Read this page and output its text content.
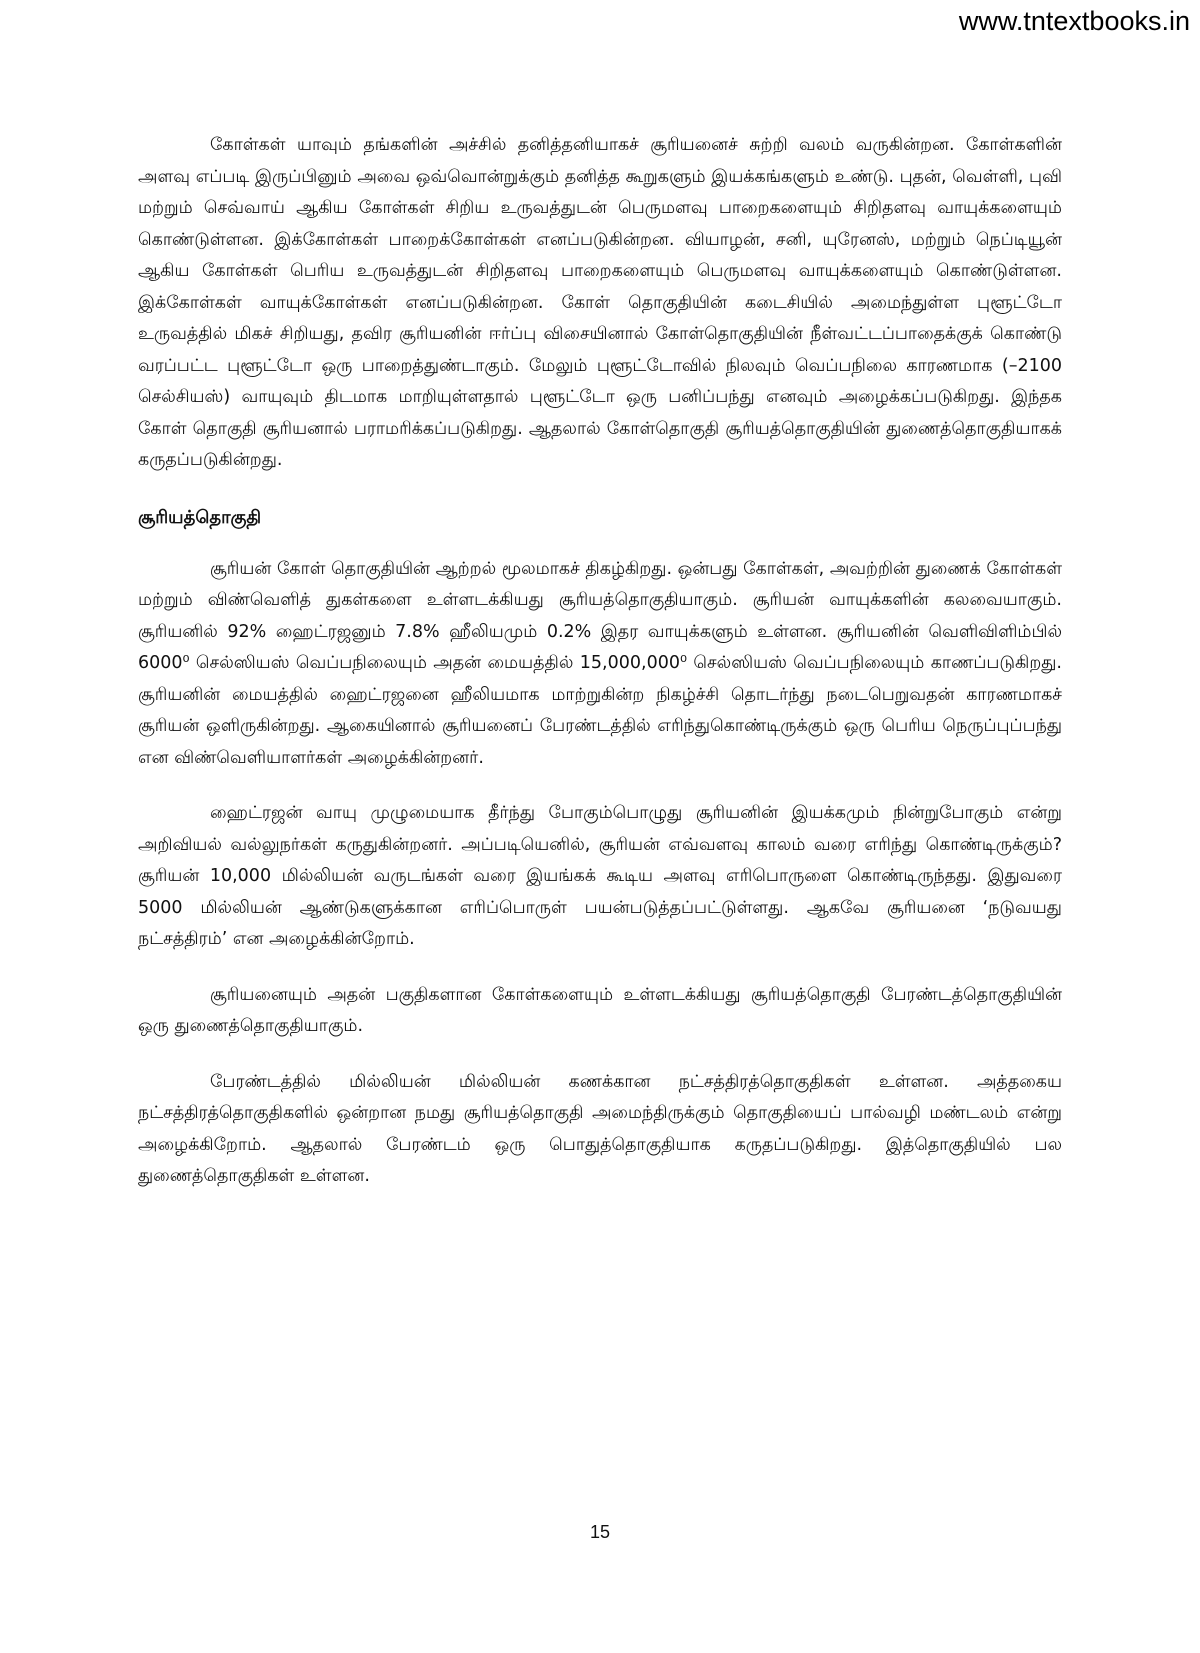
www.tntextbooks.in

கோள்கள் யாவும் தங்களின் அச்சில் தனித்தனியாகச் சூரியனைச் சுற்றி வலம் வருகின்றன. கோள்களின் அளவு எப்படி இருப்பினும் அவை ஒவ்வொன்றுக்கும் தனித்த கூறுகளும் இயக்கங்களும் உண்டு. புதன், வெள்ளி, புவி மற்றும் செவ்வாய் ஆகிய கோள்கள் சிறிய உருவத்துடன் பெருமளவு பாறைகளையும் சிறிதளவு வாயுக்களையும் கொண்டுள்ளன. இக்கோள்கள் பாறைக்கோள்கள் எனப்படுகின்றன. வியாழன், சனி, யுரேனஸ், மற்றும் நெப்டியூன் ஆகிய கோள்கள் பெரிய உருவத்துடன் சிறிதளவு பாறைகளையும் பெருமளவு வாயுக்களையும் கொண்டுள்ளன. இக்கோள்கள் வாயுக்கோள்கள் எனப்படுகின்றன. கோள் தொகுதியின் கடைசியில் அமைந்துள்ள புளூட்டோ உருவத்தில் மிகச் சிறியது, தவிர சூரியனின் ஈர்ப்பு விசையினால் கோள்தொகுதியின் நீள்வட்டப்பாதைக்குக் கொண்டு வரப்பட்ட புளூட்டோ ஒரு பாறைத்துண்டாகும். மேலும் புளூட்டோவில் நிலவும் வெப்பநிலை காரணமாக (–2100 செல்சியஸ்) வாயுவும் திடமாக மாறியுள்ளதால் புளூட்டோ ஒரு பனிப்பந்து எனவும் அழைக்கப்படுகிறது. இந்தக கோள் தொகுதி சூரியனால் பராமரிக்கப்படுகிறது. ஆதலால் கோள்தொகுதி சூரியத்தொகுதியின் துணைத்தொகுதியாகக் கருதப்படுகின்றது.

சூரியத்தொகுதி

சூரியன் கோள் தொகுதியின் ஆற்றல் மூலமாகச் திகழ்கிறது. ஒன்பது கோள்கள், அவற்றின் துணைக் கோள்கள் மற்றும் விண்வெளித் துகள்களை உள்ளடக்கியது சூரியத்தொகுதியாகும். சூரியன் வாயுக்களின் கலவையாகும். சூரியனில் 92% ஹைட்ரஜனும் 7.8% ஹீலியமும் 0.2% இதர வாயுக்களும் உள்ளன. சூரியனின் வெளிவிளிம்பில் 6000⁰ செல்ஸியஸ் வெப்பநிலையும் அதன் மையத்தில் 15,000,000⁰ செல்ஸியஸ் வெப்பநிலையும் காணப்படுகிறது. சூரியனின் மையத்தில் ஹைட்ரஜனை ஹீலியமாக மாற்றுகின்ற நிகழ்ச்சி தொடர்ந்து நடைபெறுவதன் காரணமாகச் சூரியன் ஒளிருகின்றது. ஆகையினால் சூரியனைப் பேரண்டத்தில் எரிந்துகொண்டிருக்கும் ஒரு பெரிய நெருப்புப்பந்து என விண்வெளியாளர்கள் அழைக்கின்றனர்.

ஹைட்ரஜன் வாயு முழுமையாக தீர்ந்து போகும்பொழுது சூரியனின் இயக்கமும் நின்றுபோகும் என்று அறிவியல் வல்லுநர்கள் கருதுகின்றனர். அப்படியெனில், சூரியன் எவ்வளவு காலம் வரை எரிந்து கொண்டிருக்கும்? சூரியன் 10,000 மில்லியன் வருடங்கள் வரை இயங்கக் கூடிய அளவு எரிபொருளை கொண்டிருந்தது. இதுவரை 5000 மில்லியன் ஆண்டுகளுக்கான எரிப்பொருள் பயன்படுத்தப்பட்டுள்ளது. ஆகவே சூரியனை ‘நடுவயது நட்சத்திரம்’ என அழைக்கின்றோம்.

சூரியனையும் அதன் பகுதிகளான கோள்களையும் உள்ளடக்கியது சூரியத்தொகுதி பேரண்டத்தொகுதியின் ஒரு துணைத்தொகுதியாகும்.

பேரண்டத்தில் மில்லியன் மில்லியன் கணக்கான நட்சத்திரத்தொகுதிகள் உள்ளன. அத்தகைய நட்சத்திரத்தொகுதிகளில் ஒன்றான நமது சூரியத்தொகுதி அமைந்திருக்கும் தொகுதியைப் பால்வழி மண்டலம் என்று அழைக்கிறோம். ஆதலால் பேரண்டம் ஒரு பொதுத்தொகுதியாக கருதப்படுகிறது. இத்தொகுதியில் பல துணைத்தொகுதிகள் உள்ளன.

15
